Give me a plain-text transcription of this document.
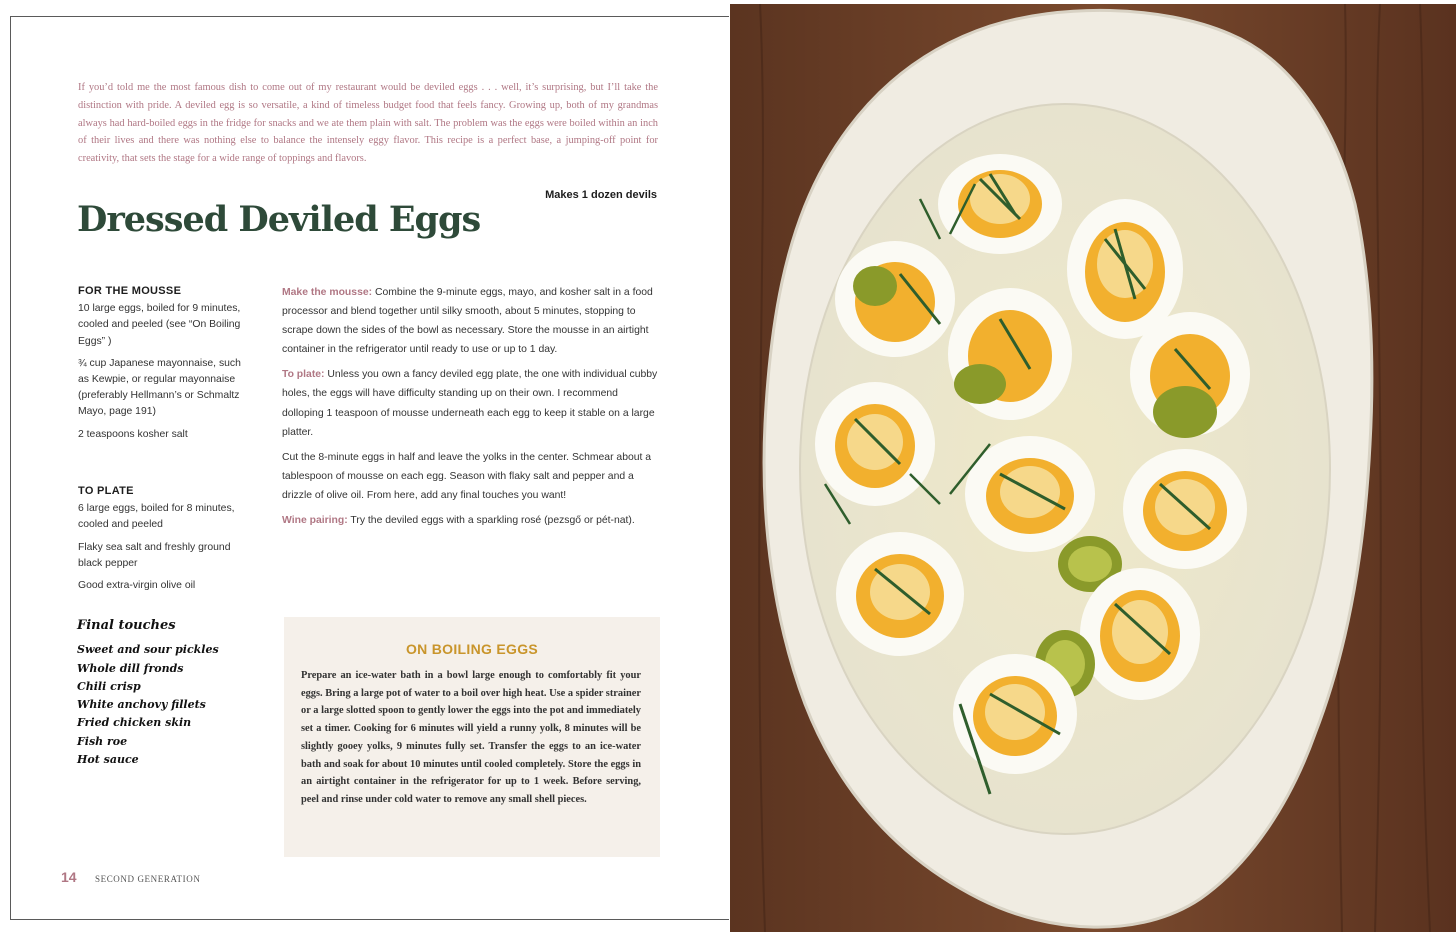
If you’d told me the most famous dish to come out of my restaurant would be deviled eggs . . . well, it’s surprising, but I’ll take the distinction with pride. A deviled egg is so versatile, a kind of timeless budget food that feels fancy. Growing up, both of my grandmas always had hard-boiled eggs in the fridge for snacks and we ate them plain with salt. The problem was the eggs were boiled within an inch of their lives and there was nothing else to balance the intensely eggy flavor. This recipe is a perfect base, a jumping-off point for creativity, that sets the stage for a wide range of toppings and flavors.

Makes 1 dozen devils
Dressed Deviled Eggs
FOR THE MOUSSE

10 large eggs, boiled for 9 minutes, cooled and peeled (see “On Boiling Eggs” )

¾ cup Japanese mayonnaise, such as Kewpie, or regular mayonnaise (preferably Hellmann’s or Schmaltz Mayo, page 191)

2 teaspoons kosher salt

TO PLATE

6 large eggs, boiled for 8 minutes, cooled and peeled

Flaky sea salt and freshly ground black pepper

Good extra-virgin olive oil

Final touches
Sweet and sour pickles
Whole dill fronds
Chili crisp
White anchovy fillets
Fried chicken skin
Fish roe
Hot sauce

Make the mousse: Combine the 9-minute eggs, mayo, and kosher salt in a food processor and blend together until silky smooth, about 5 minutes, stopping to scrape down the sides of the bowl as necessary. Store the mousse in an airtight container in the refrigerator until ready to use or up to 1 day.

To plate: Unless you own a fancy deviled egg plate, the one with individual cubby holes, the eggs will have difficulty standing up on their own. I recommend dolloping 1 teaspoon of mousse underneath each egg to keep it stable on a large platter.

Cut the 8-minute eggs in half and leave the yolks in the center. Schmear about a tablespoon of mousse on each egg. Season with flaky salt and pepper and a drizzle of olive oil. From here, add any final touches you want!

Wine pairing: Try the deviled eggs with a sparkling rosé (pezsgő or pét-nat).

ON BOILING EGGS

Prepare an ice-water bath in a bowl large enough to comfortably fit your eggs. Bring a large pot of water to a boil over high heat. Use a spider strainer or a large slotted spoon to gently lower the eggs into the pot and immediately set a timer. Cooking for 6 minutes will yield a runny yolk, 8 minutes will be slightly gooey yolks, 9 minutes fully set. Transfer the eggs to an ice-water bath and soak for about 10 minutes until cooled completely. Store the eggs in an airtight container in the refrigerator for up to 1 week. Before serving, peel and rinse under cold water to remove any small shell pieces.

14 SECOND GENERATION
